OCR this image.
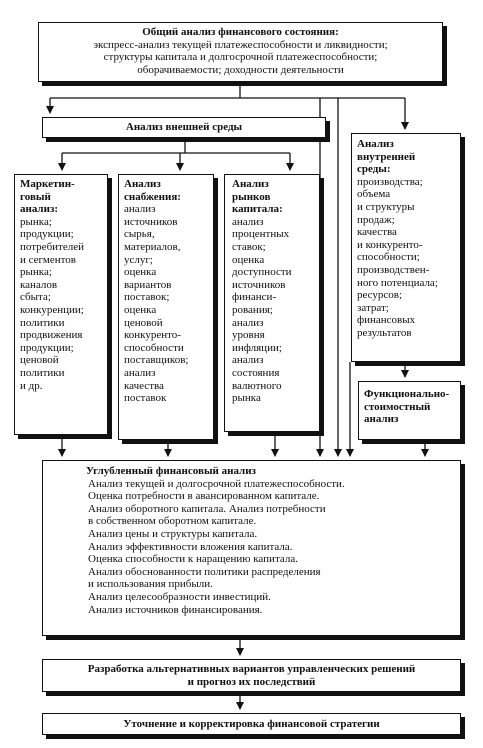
Общий анализ финансового состояния:
экспресс-анализ текущей платежеспособности и ликвидности;
структуры капитала и долгосрочной платежеспособности;
оборачиваемости; доходности деятельности
Анализ внешней среды
Маркетин-
говый
анализ:
рынка;
продукции;
потребителей
и сегментов
рынка;
каналов
сбыта;
конкуренции;
политики
продвижения
продукции;
ценовой
политики
и др.
Анализ
снабжения:
анализ
источников
сырья,
материалов,
услуг;
оценка
вариантов
поставок;
оценка
ценовой
конкуренто-
способности
поставщиков;
анализ
качества
поставок
Анализ
рынков
капитала:
анализ
процентных
ставок;
оценка
доступности
источников
финанси-
рования;
анализ
уровня
инфляции;
анализ
состояния
валютного
рынка
Анализ
внутренней
среды:
производства;
объема
и структуры
продаж;
качества
и конкуренто-
способности;
производствен-
ного потенциала;
ресурсов;
затрат;
финансовых
результатов
Функционально-
стоимостный
анализ
Углубленный финансовый анализ
Анализ текущей и долгосрочной платежеспособности.
Оценка потребности в авансированном капитале.
Анализ оборотного капитала. Анализ потребности
в собственном оборотном капитале.
Анализ цены и структуры капитала.
Анализ эффективности вложения капитала.
Оценка способности к наращению капитала.
Анализ обоснованности политики распределения
и использования прибыли.
Анализ целесообразности инвестиций.
Анализ источников финансирования.
Разработка альтернативных вариантов управленческих решений
и прогноз их последствий
Уточнение и корректировка финансовой стратегии
